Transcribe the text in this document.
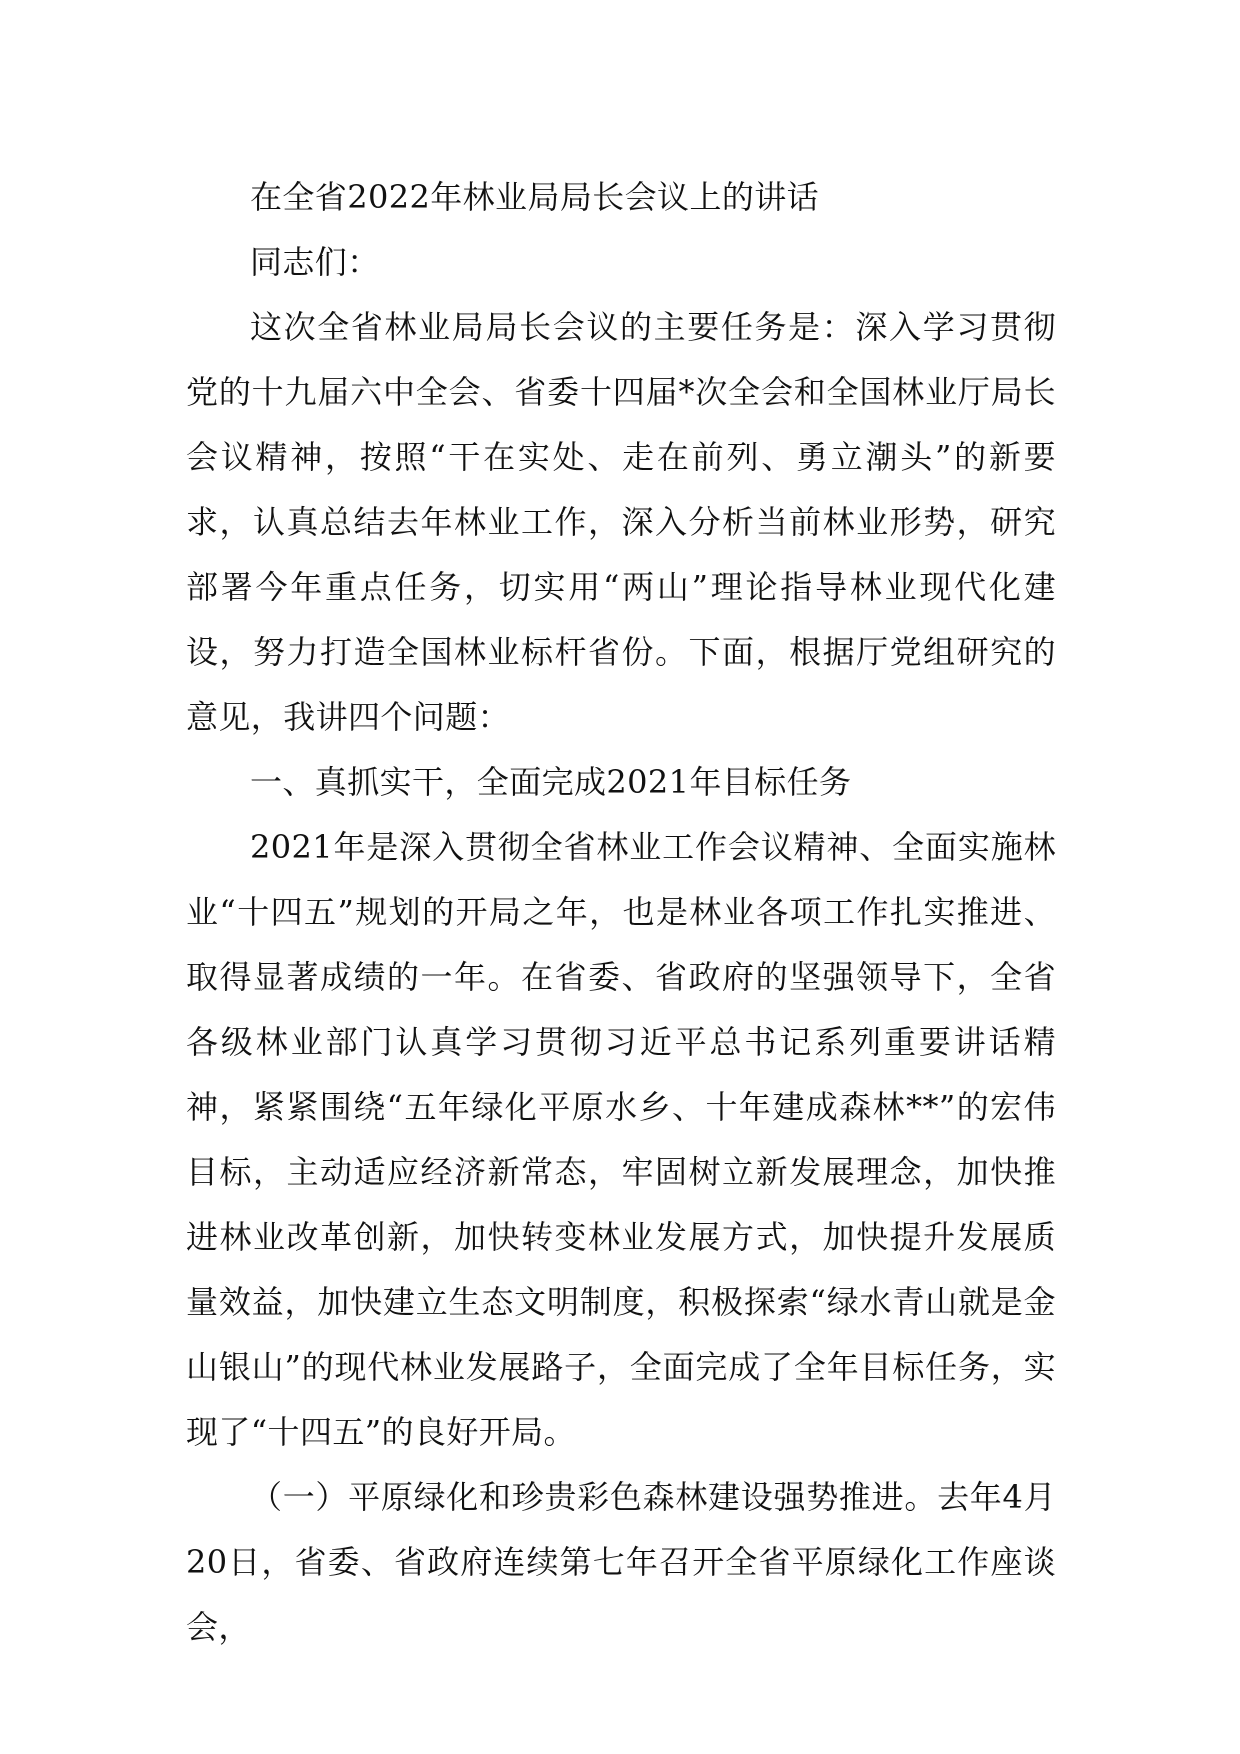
在全省2022年林业局局长会议上的讲话

同志们：

这次全省林业局局长会议的主要任务是：深入学习贯彻党的十九届六中全会、省委十四届*次全会和全国林业厅局长会议精神，按照“干在实处、走在前列、勇立潮头”的新要求，认真总结去年林业工作，深入分析当前林业形势，研究部署今年重点任务，切实用“两山”理论指导林业现代化建设，努力打造全国林业标杆省份。下面，根据厅党组研究的意见，我讲四个问题：

一、真抓实干，全面完成2021年目标任务

2021年是深入贯彻全省林业工作会议精神、全面实施林业“十四五”规划的开局之年，也是林业各项工作扎实推进、取得显著成绩的一年。在省委、省政府的坚强领导下，全省各级林业部门认真学习贯彻习近平总书记系列重要讲话精神，紧紧围绕“五年绿化平原水乡、十年建成森林**”的宏伟目标，主动适应经济新常态，牢固树立新发展理念，加快推进林业改革创新，加快转变林业发展方式，加快提升发展质量效益，加快建立生态文明制度，积极探索“绿水青山就是金山银山”的现代林业发展路子，全面完成了全年目标任务，实现了“十四五”的良好开局。

（一）平原绿化和珍贵彩色森林建设强势推进。去年4月20日，省委、省政府连续第七年召开全省平原绿化工作座谈会，
